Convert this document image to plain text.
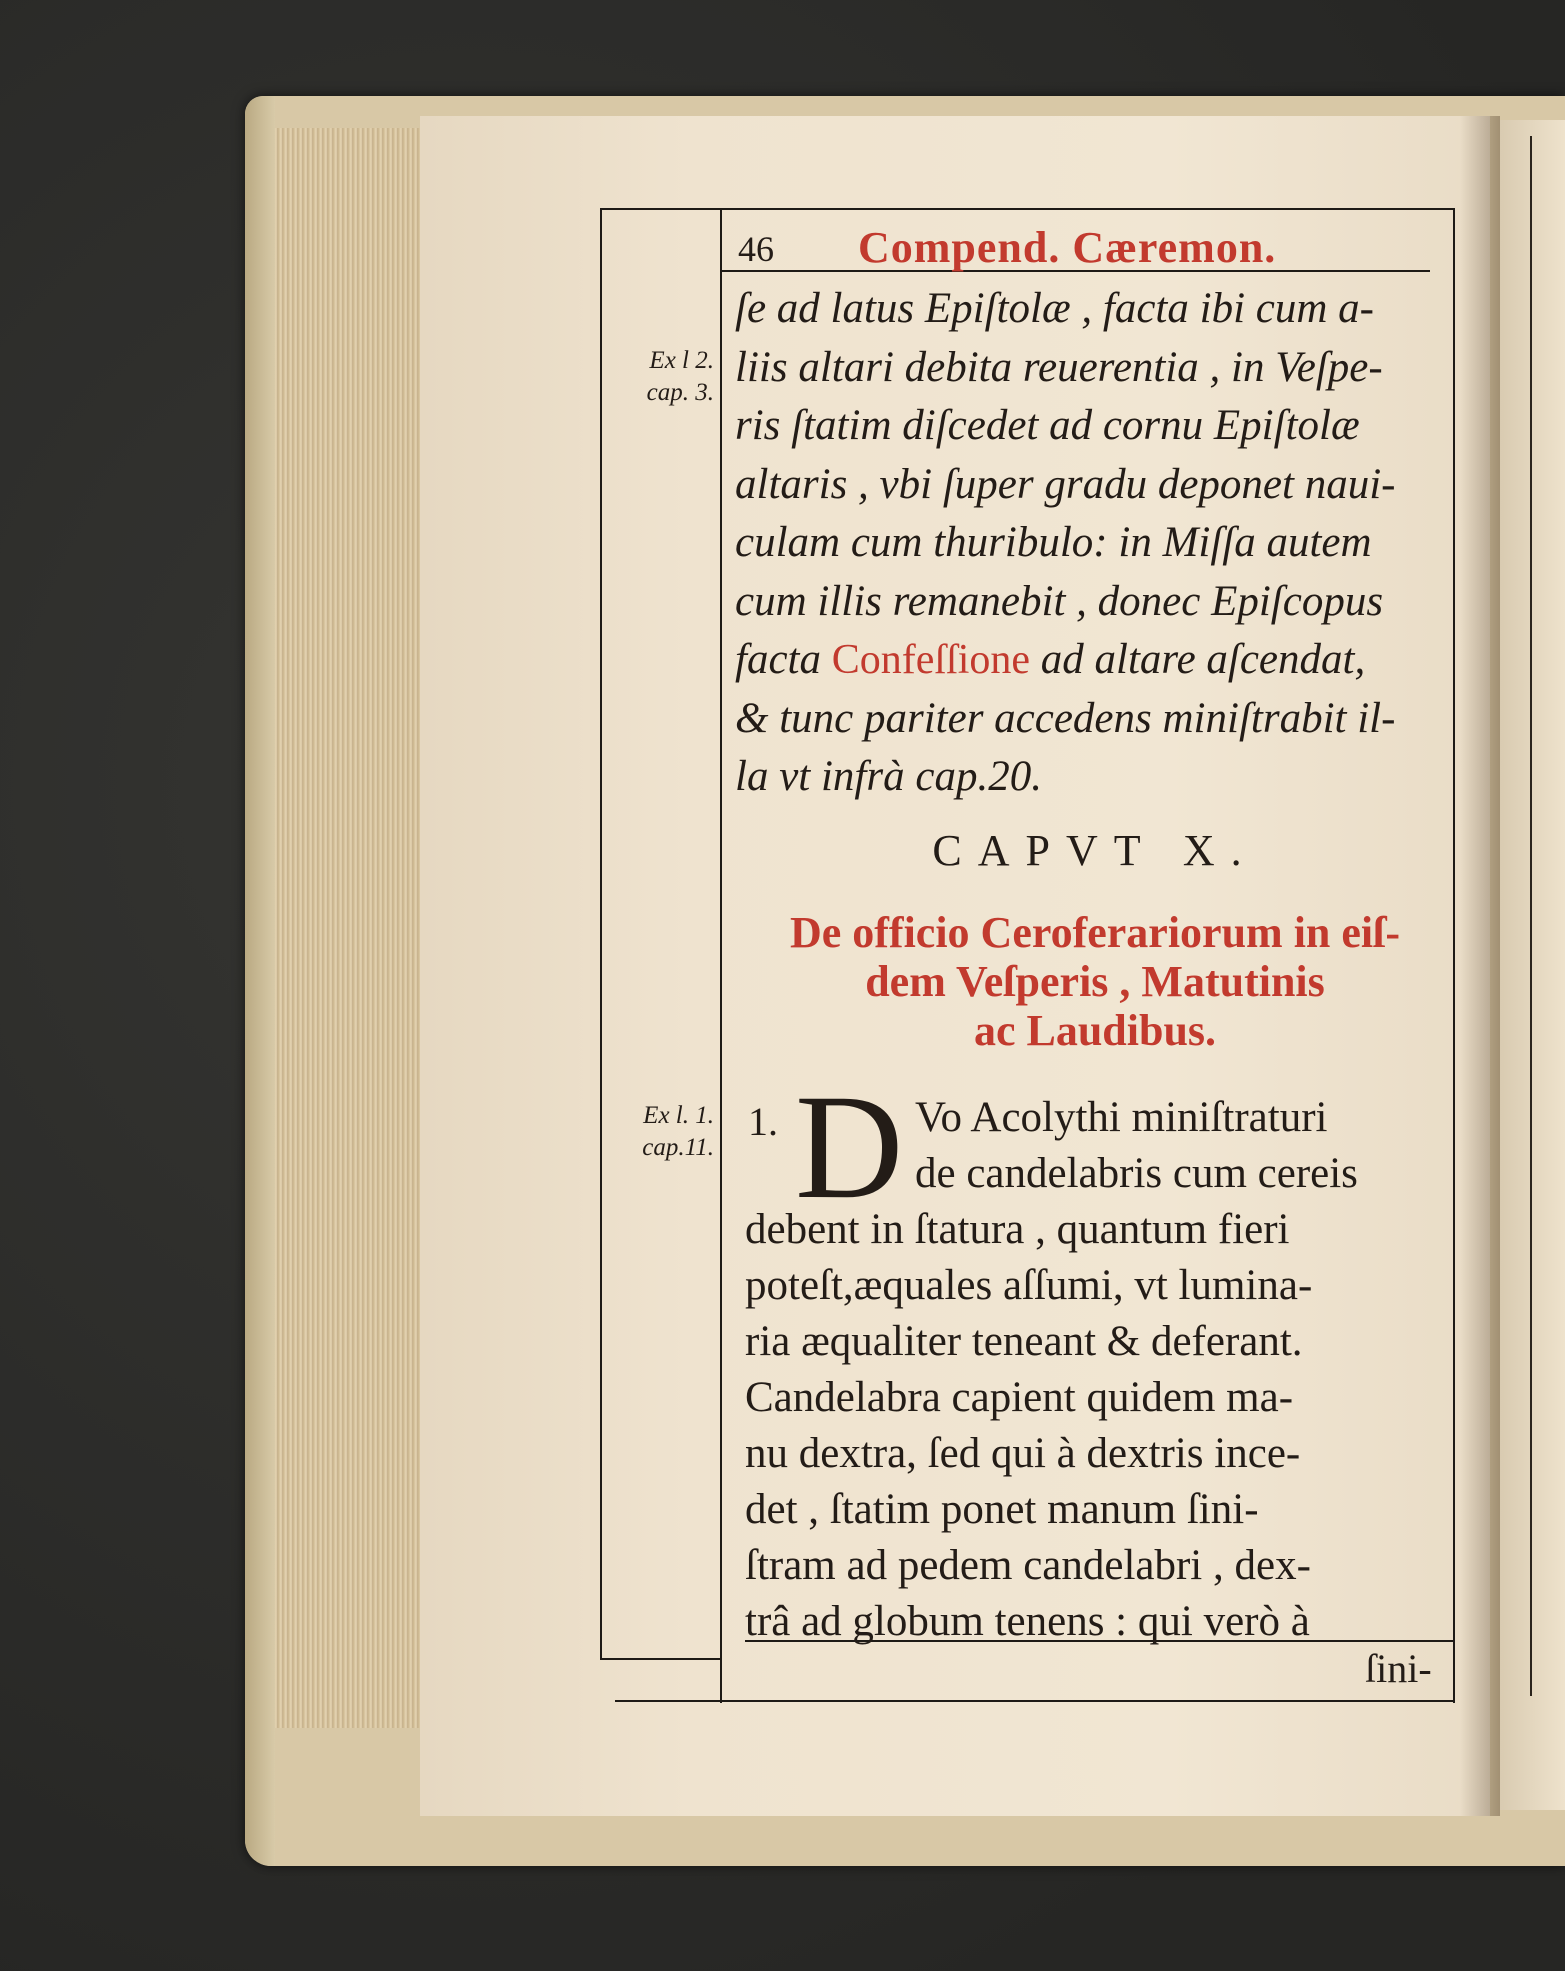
46 Compend. Cæremon.
Ex l 2.
cap. 3.
Ex l. 1.
cap.11.
ſe ad latus Epiſtolæ , facta ibi cum a-
liis altari debita reuerentia , in Veſpe-
ris ſtatim diſcedet ad cornu Epiſtolæ
altaris , vbi ſuper gradu deponet naui-
culam cum thuribulo: in Miſſa autem
cum illis remanebit , donec Epiſcopus
facta Confeſſione ad altare aſcendat,
& tunc pariter accedens miniſtrabit il-
la vt infrà cap.20.
CAPVT X.
De officio Ceroferariorum in eiſ-
dem Veſperis , Matutinis
ac Laudibus.
1. D Vo Acolythi miniſtraturi
de candelabris cum cereis
debent in ſtatura , quantum fieri
poteſt,æquales aſſumi, vt lumina-
ria æqualiter teneant & deferant.
Candelabra capient quidem ma-
nu dextra, ſed qui à dextris ince-
det , ſtatim ponet manum ſini-
ſtram ad pedem candelabri , dex-
trâ ad globum tenens : qui verò à
ſini-
